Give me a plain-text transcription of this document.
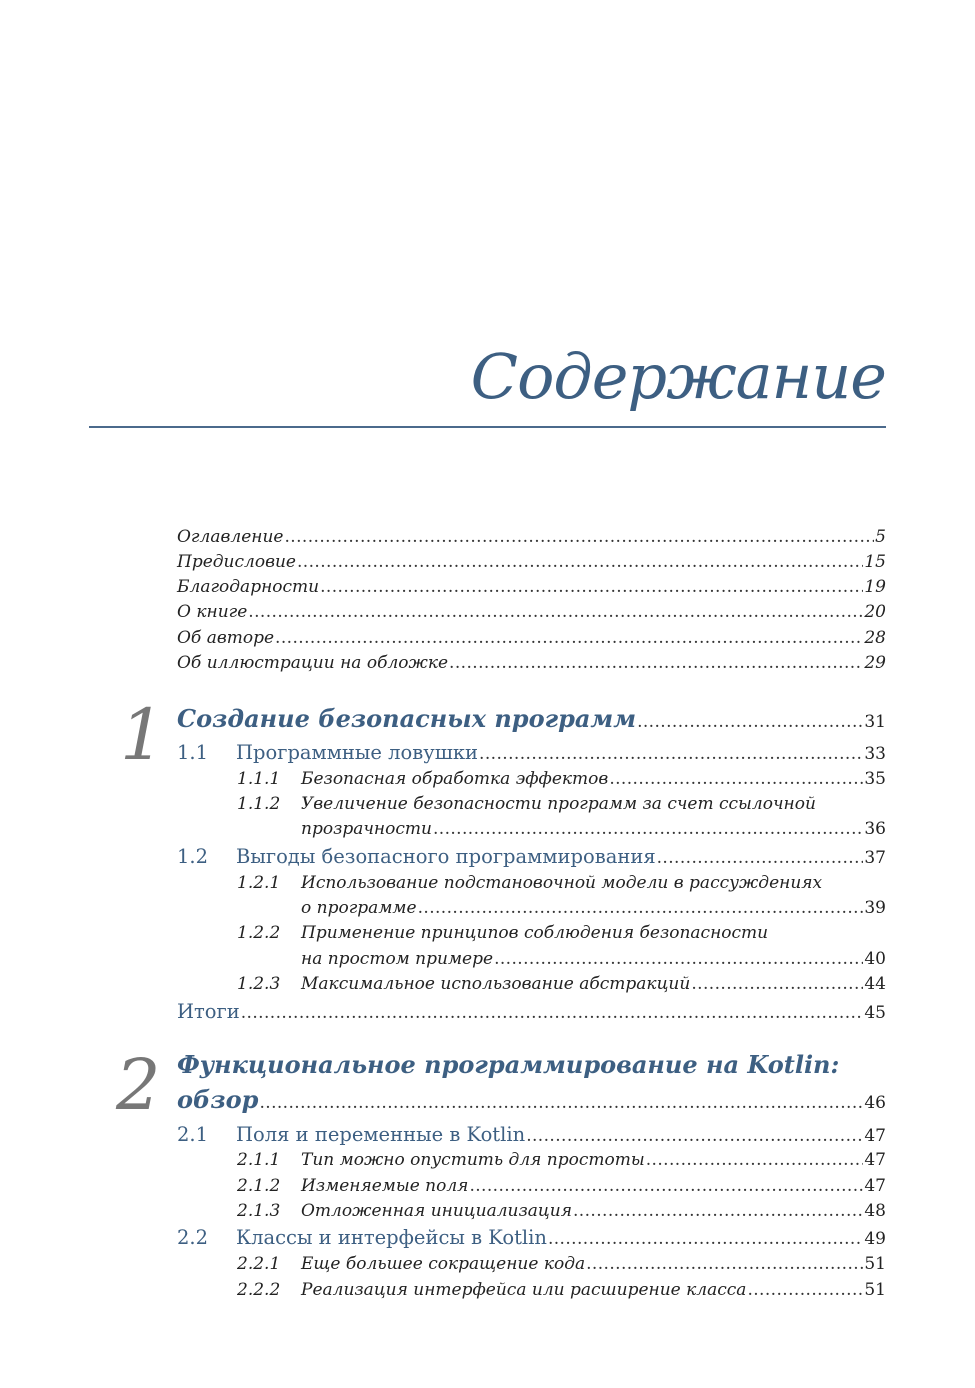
Содержание
Оглавление . . .	5
Предисловие . . .	15
Благодарности . . .	19
О книге . . .	20
Об авторе . . .	28
Об иллюстрации на обложке . . .	29
1 Создание безопасных программ . . .	31
1.1	Программные ловушки . . .	33
1.1.1	Безопасная обработка эффектов . . .	35
1.1.2 Увеличение безопасности программ за счет ссылочной
прозрачности . . .	36
1.2	Выгоды безопасного программирования . . .	37
1.2.1 Использование подстановочной модели в рассуждениях
о программе . . .	39
1.2.2 Применение принципов соблюдения безопасности
на простом примере . . .	40
1.2.3	Максимальное использование абстракций . . .	44
Итоги . . .	45
2 Функциональное программирование на Kotlin:
обзор . . .	46
2.1	Поля и переменные в Kotlin . . .	47
2.1.1	Тип можно опустить для простоты . . .	47
2.1.2	Изменяемые поля . . .	47
2.1.3	Отложенная инициализация . . .	48
2.2	Классы и интерфейсы в Kotlin . . .	49
2.2.1	Еще большее сокращение кода . . .	51
2.2.2	Реализация интерфейса или расширение класса . . .	51
